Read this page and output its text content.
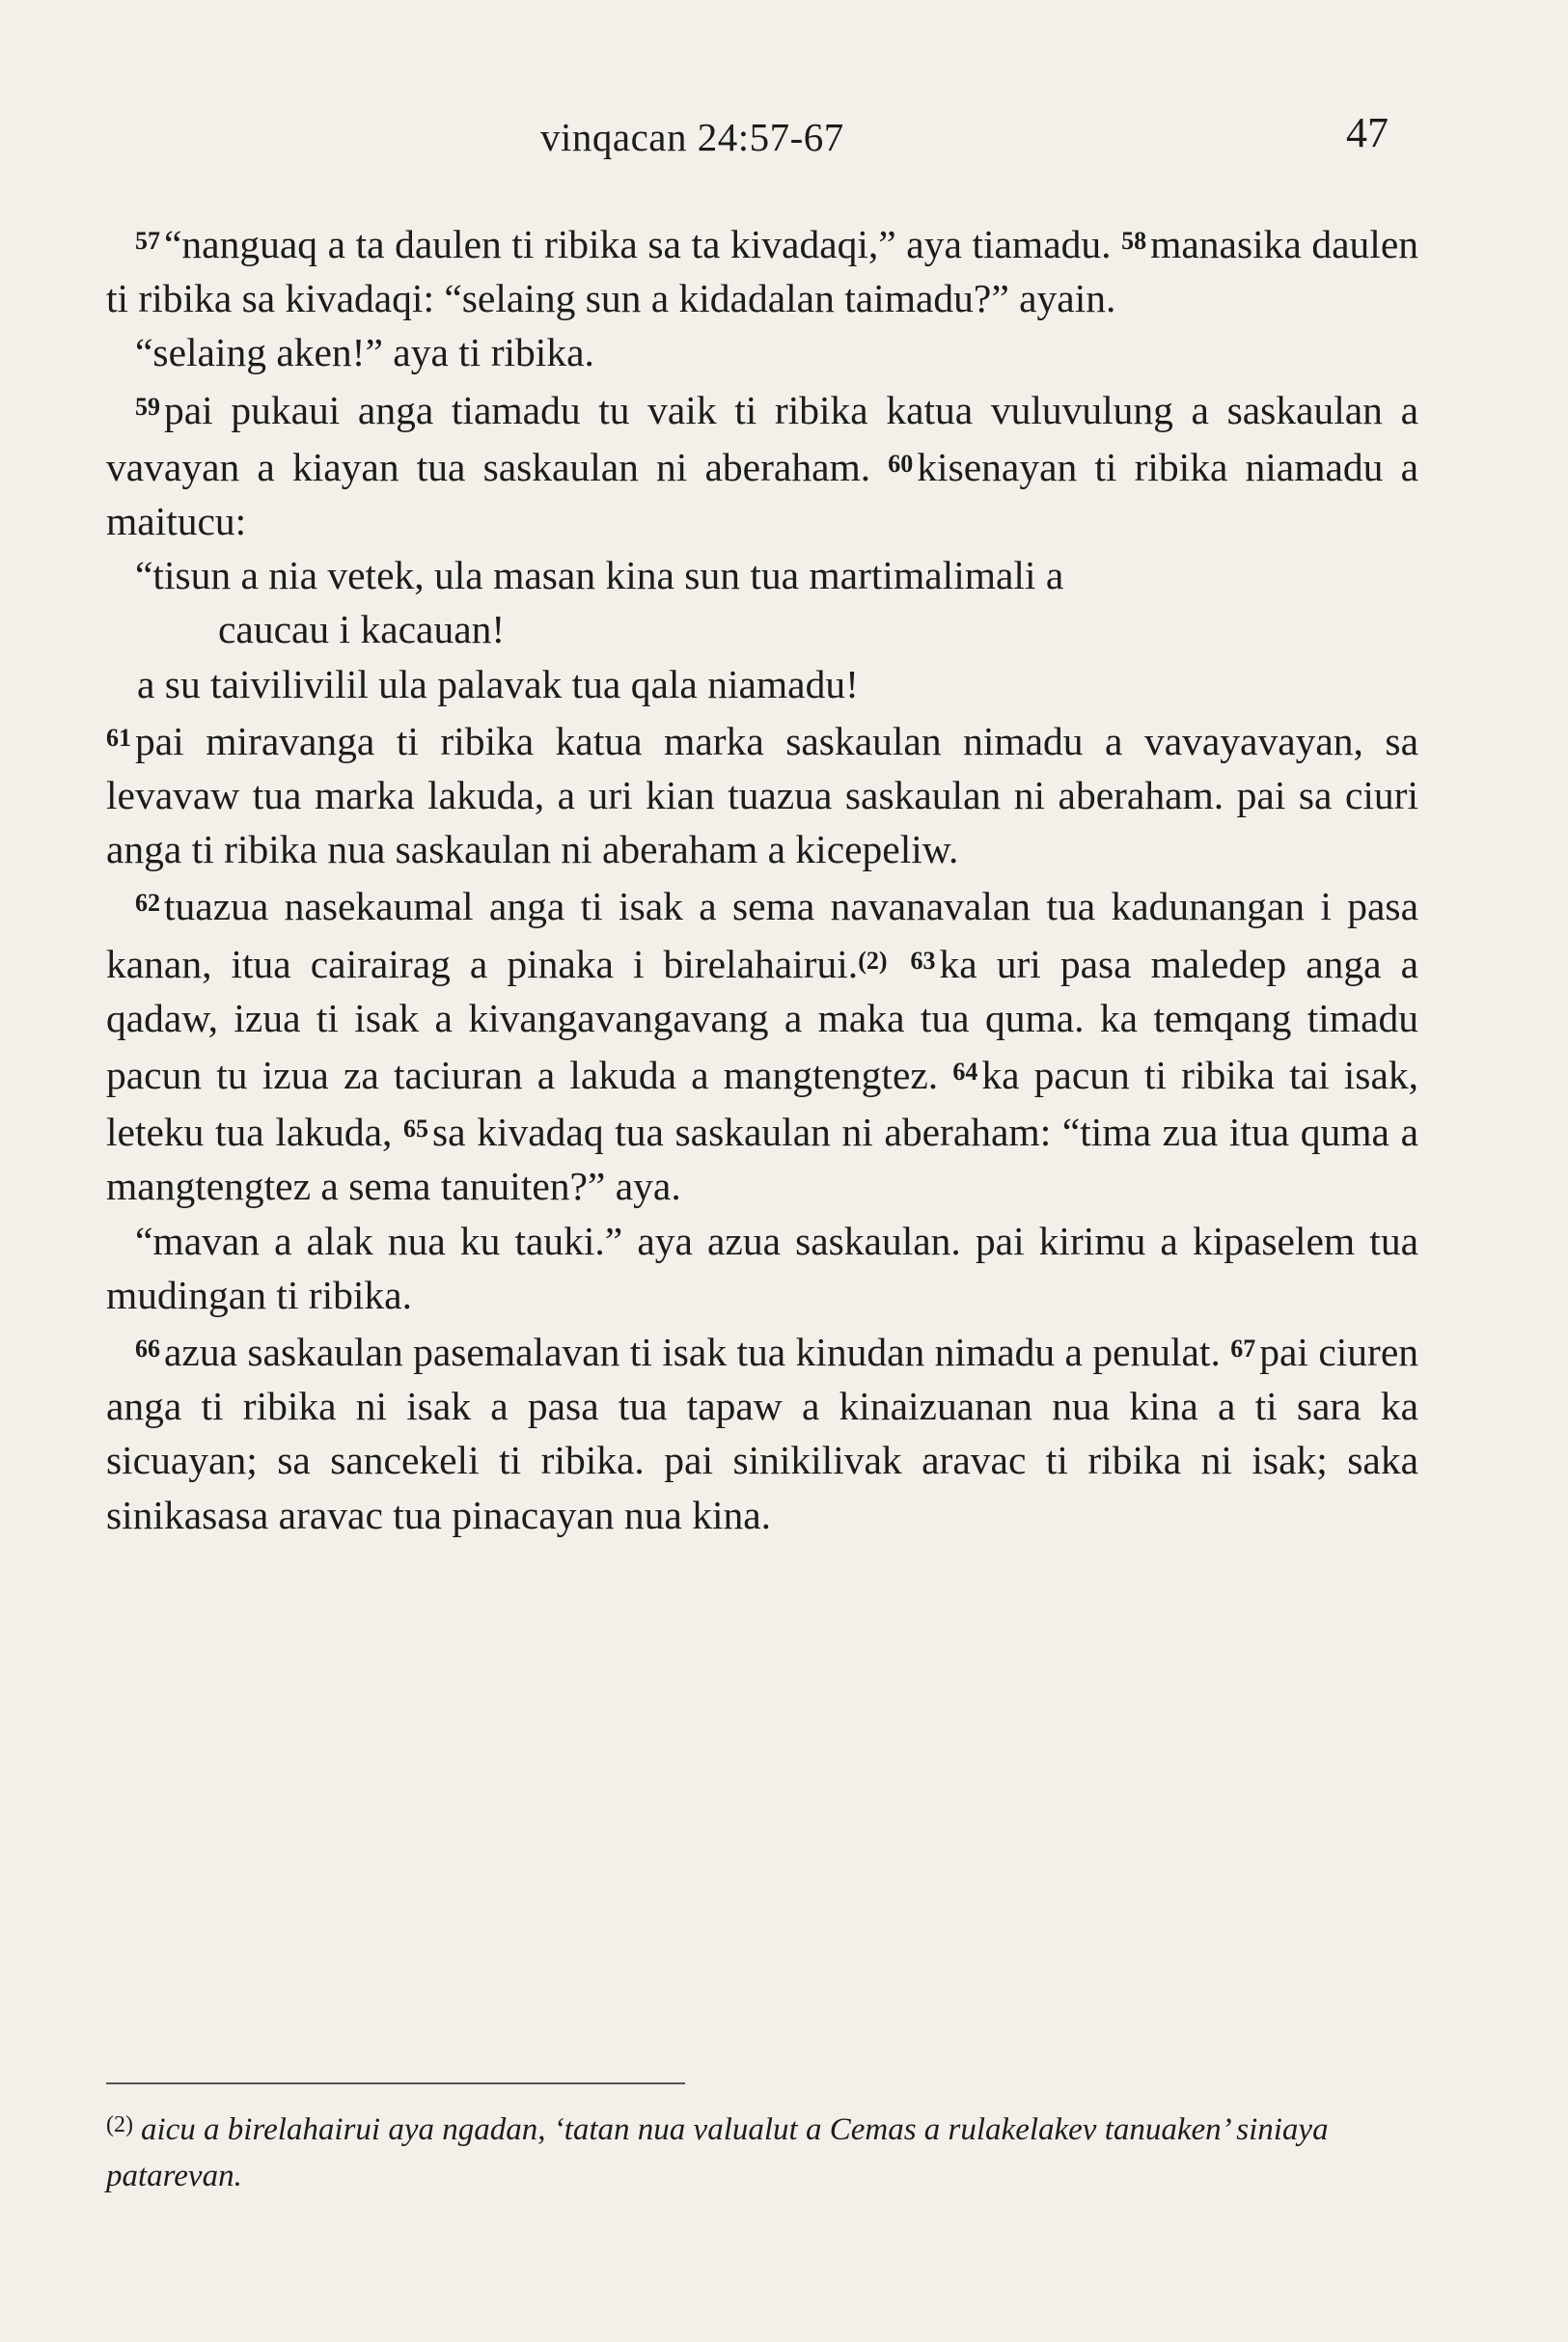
vinqacan 24:57-67	47

$^{57}$“nanguaq a ta daulen ti ribika sa ta kivadaqi,” aya tiamadu. $^{58}$manasika daulen ti ribika sa kivadaqi: “selaing sun a kidadalan taimadu?” ayain.

“selaing aken!” aya ti ribika.

$^{59}$pai pukaui anga tiamadu tu vaik ti ribika katua vuluvulung a saskaulan a vavayan a kiayan tua saskaulan ni aberaham. $^{60}$kisenayan ti ribika niamadu a maitucu:

“tisun a nia vetek, ula masan kina sun tua martimalimali a

caucau i kacauan!

a su taivilivilil ula palavak tua qala niamadu!

$^{61}$pai miravanga ti ribika katua marka saskaulan nimadu a vavayavayan, sa levavaw tua marka lakuda, a uri kian tuazua saskaulan ni aberaham. pai sa ciuri anga ti ribika nua saskaulan ni aberaham a kicepeliw.

$^{62}$tuazua nasekaumal anga ti isak a sema navanavalan tua kadunangan i pasa kanan, itua cairairag a pinaka i birelahairui.$^{(2)}$ $^{63}$ka uri pasa maledep anga a qadaw, izua ti isak a kivangavangavang a maka tua quma. ka temqang timadu pacun tu izua za taciuran a lakuda a mangtengtez. $^{64}$ka pacun ti ribika tai isak, leteku tua lakuda, $^{65}$sa kivadaq tua saskaulan ni aberaham: “tima zua itua quma a mangtengtez a sema tanuiten?” aya.

“mavan a alak nua ku tauki.” aya azua saskaulan. pai kirimu a kipaselem tua mudingan ti ribika.

$^{66}$azua saskaulan pasemalavan ti isak tua kinudan nimadu a penulat. $^{67}$pai ciuren anga ti ribika ni isak a pasa tua tapaw a kinaizuanan nua kina a ti sara ka sicuayan; sa sancekeli ti ribika. pai sinikilivak aravac ti ribika ni isak; saka sinikasasa aravac tua pinacayan nua kina.

$^{(2)}$ aicu a birelahairui aya ngadan, ‘tatan nua valualut a Cemas a rulakelakev tanuaken’ siniaya patarevan.
